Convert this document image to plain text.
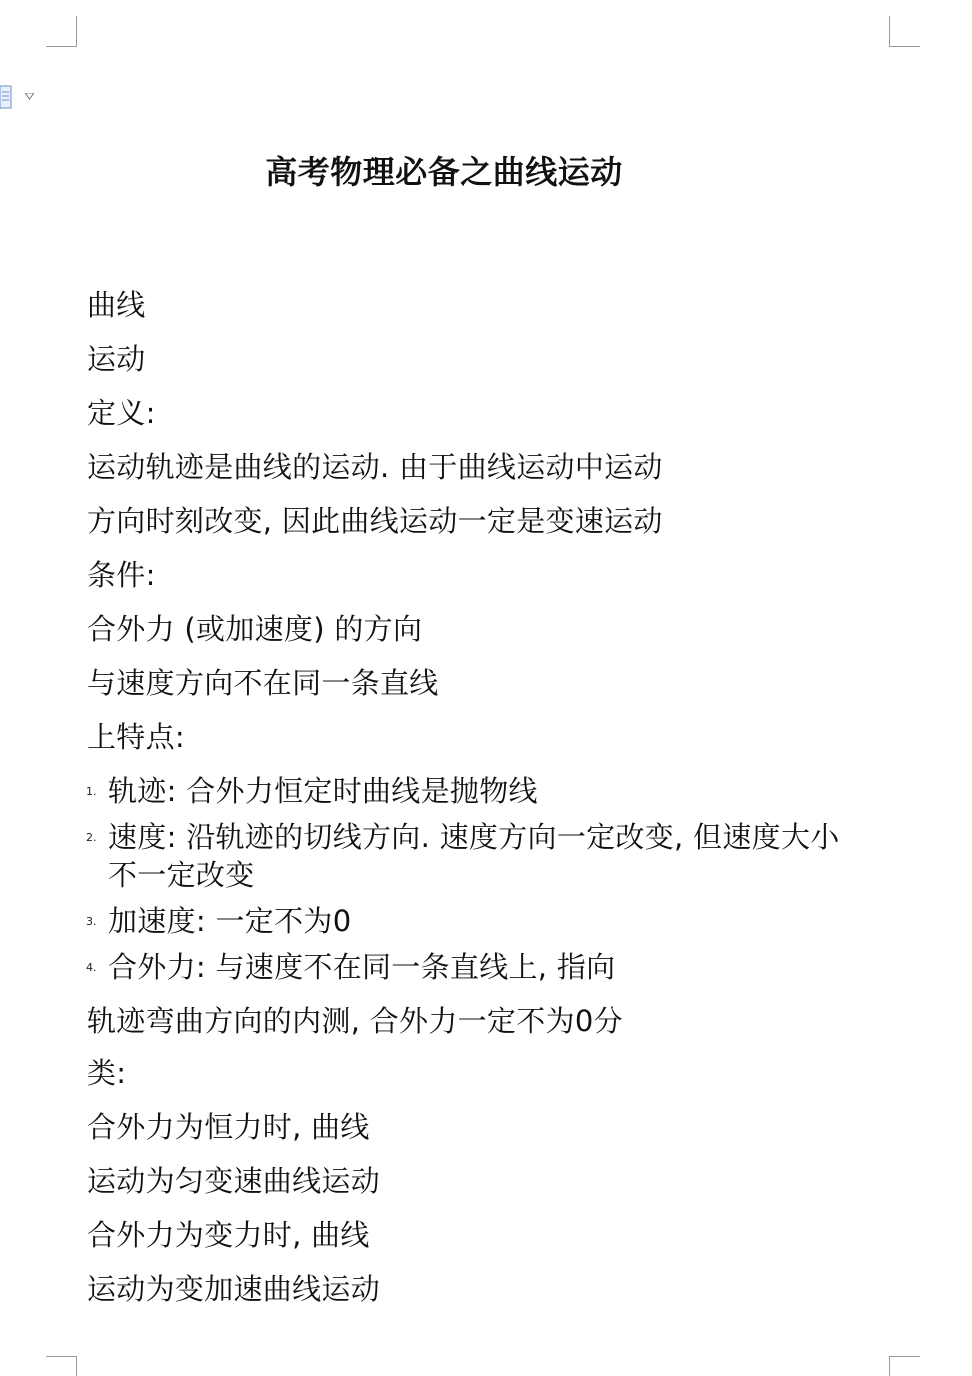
高考物理必备之曲线运动
曲线
运动
定义:
运动轨迹是曲线的运动. 由于曲线运动中运动
方向时刻改变, 因此曲线运动一定是变速运动
条件:
合外力 (或加速度) 的方向
与速度方向不在同一条直线
上特点:
1. 轨迹: 合外力恒定时曲线是抛物线
2. 速度: 沿轨迹的切线方向. 速度方向一定改变, 但速度大小
不一定改变
3. 加速度: 一定不为0
4. 合外力: 与速度不在同一条直线上, 指向
轨迹弯曲方向的内测, 合外力一定不为0分
类:
合外力为恒力时, 曲线
运动为匀变速曲线运动
合外力为变力时, 曲线
运动为变加速曲线运动
